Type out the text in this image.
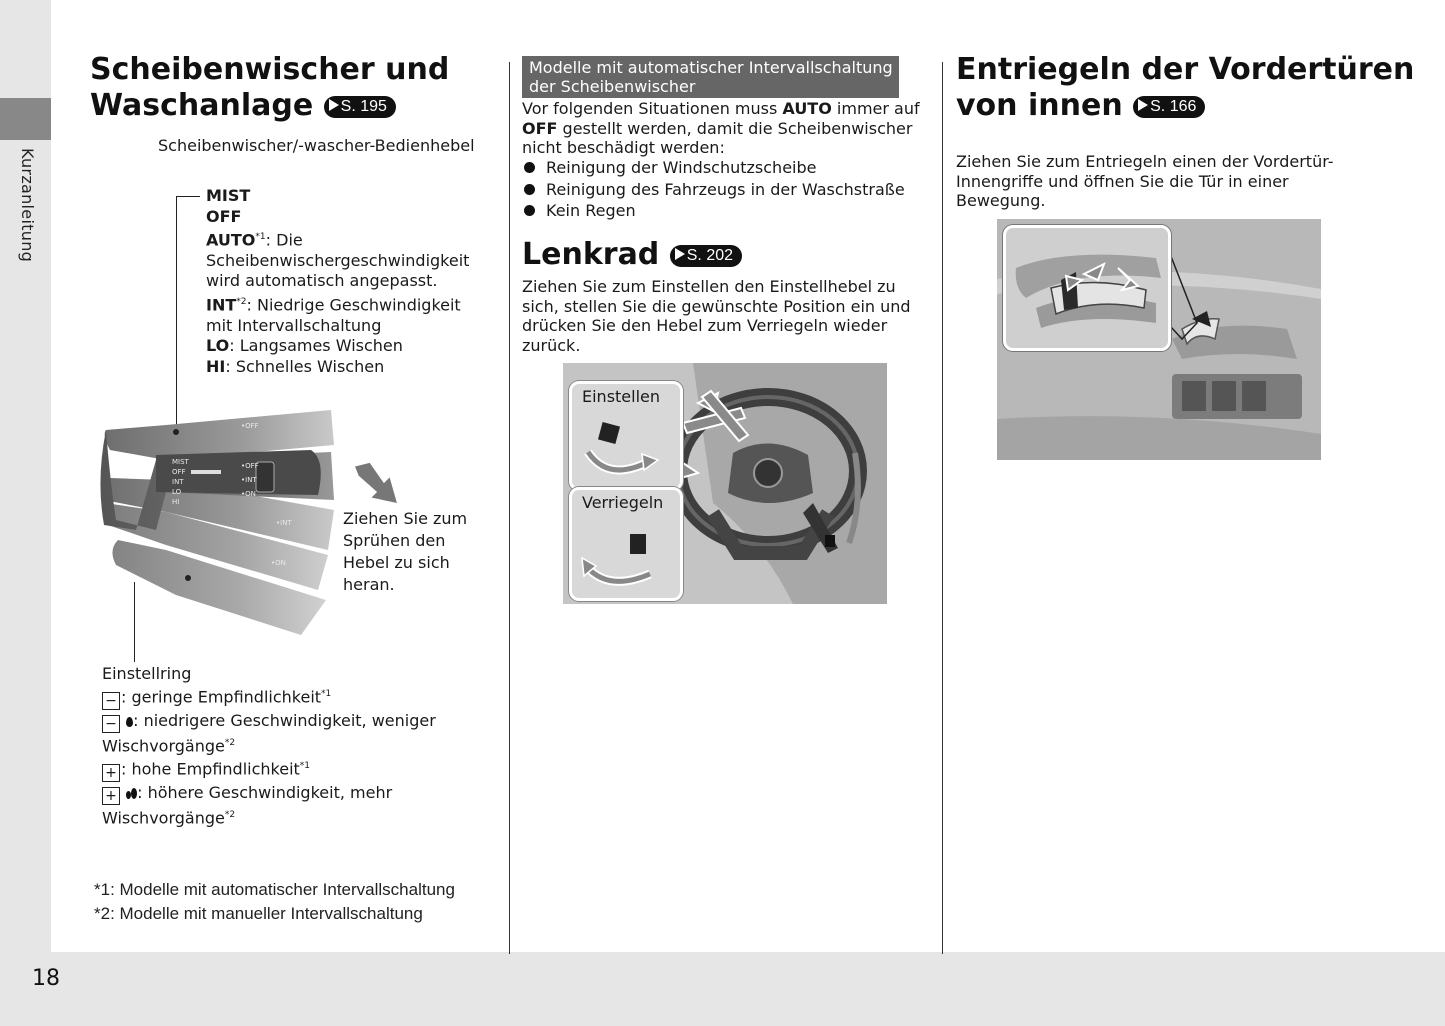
Kurzanleitung
18
Scheibenwischer und
Waschanlage S. 195
Scheibenwischer/-wascher-Bedienhebel
MIST
OFF
AUTO$^{*1}$: Die Scheibenwischergeschwindigkeit wird automatisch angepasst.
INT$^{*2}$: Niedrige Geschwindigkeit mit Intervallschaltung
LO: Langsames Wischen
HI: Schnelles Wischen
MIST
OFF
INT
LO
HI
•OFF
•INT
•ON
•OFF
•INT
•ON
Ziehen Sie zum
Sprühen den
Hebel zu sich
heran.
Einstellring
− : geringe Empfindlichkeit$^{*1}$
− : niedrigere Geschwindigkeit, weniger
Wischvorgänge$^{*2}$
+ : hohe Empfindlichkeit$^{*1}$
+ : höhere Geschwindigkeit, mehr
Wischvorgänge$^{*2}$
*1: Modelle mit automatischer Intervallschaltung
*2: Modelle mit manueller Intervallschaltung
Modelle mit automatischer Intervallschaltung
der Scheibenwischer
Vor folgenden Situationen muss AUTO immer auf OFF gestellt werden, damit die Scheibenwischer nicht beschädigt werden:
Reinigung der Windschutzscheibe
Reinigung des Fahrzeugs in der Waschstraße
Kein Regen
Lenkrad S. 202
Ziehen Sie zum Einstellen den Einstellhebel zu sich, stellen Sie die gewünschte Position ein und drücken Sie den Hebel zum Verriegeln wieder zurück.
Einstellen
Verriegeln
Entriegeln der Vordertüren
von innen S. 166
Ziehen Sie zum Entriegeln einen der Vordertür-Innengriffe und öffnen Sie die Tür in einer Bewegung.
